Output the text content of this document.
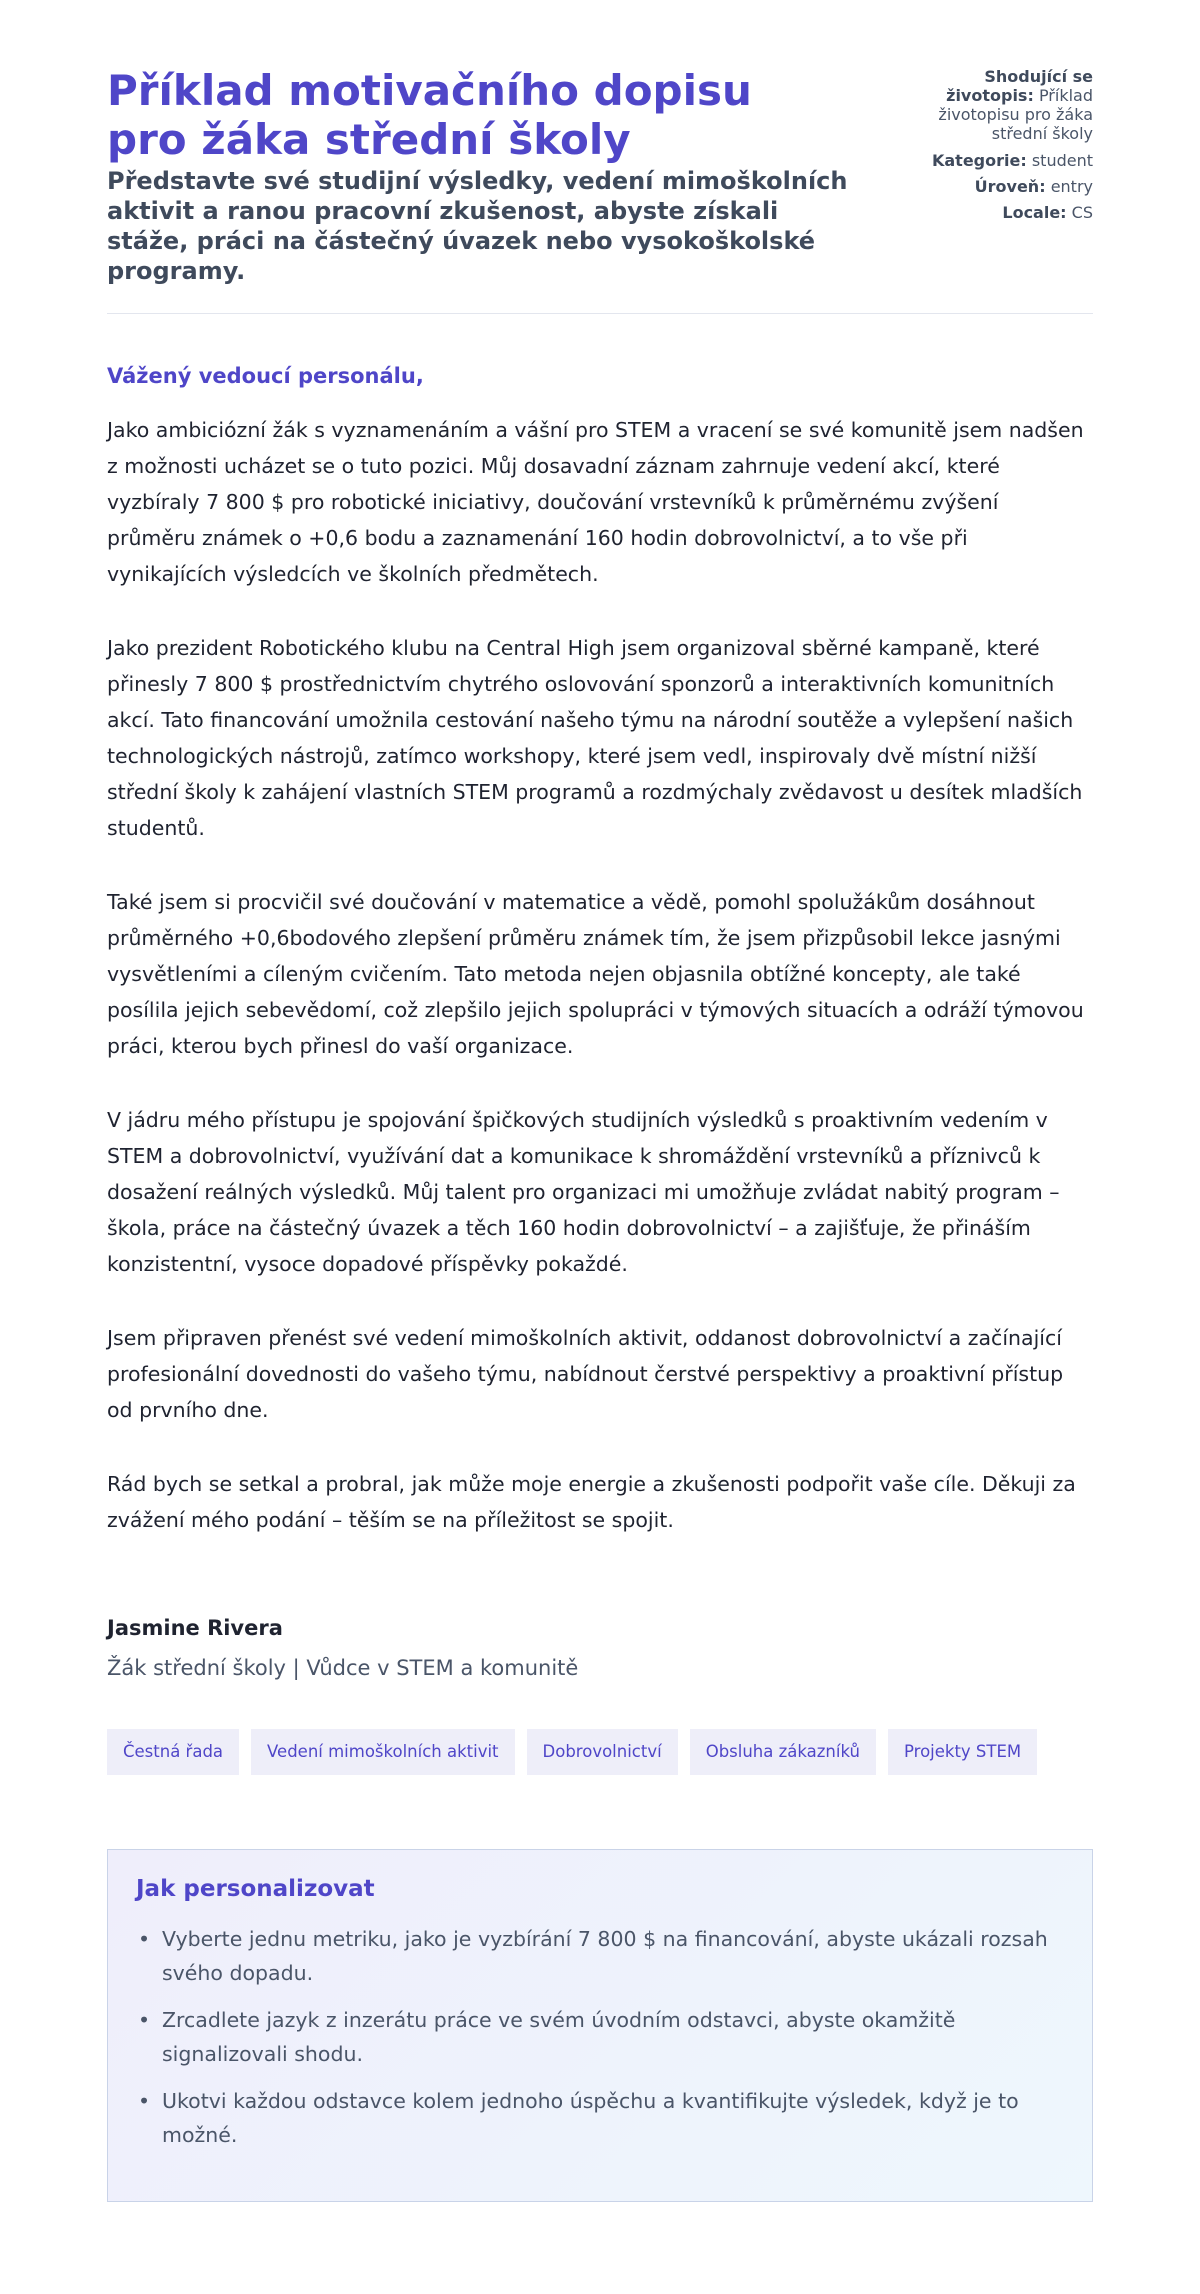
Příklad motivačního dopisu pro žáka střední školy
Představte své studijní výsledky, vedení mimoškolních aktivit a ranou pracovní zkušenost, abyste získali stáže, práci na částečný úvazek nebo vysokoškolské programy.
Shodující se životopis: Příklad životopisu pro žáka střední školy
Kategorie: student
Úroveň: entry
Locale: CS

Vážený vedoucí personálu,

Jako ambiciózní žák s vyznamenáním a vášní pro STEM a vracení se své komunitě jsem nadšen z možnosti ucházet se o tuto pozici. Můj dosavadní záznam zahrnuje vedení akcí, které vyzbíraly 7 800 $ pro robotické iniciativy, doučování vrstevníků k průměrnému zvýšení průměru známek o +0,6 bodu a zaznamenání 160 hodin dobrovolnictví, a to vše při vynikajících výsledcích ve školních předmětech.

Jako prezident Robotického klubu na Central High jsem organizoval sběrné kampaně, které přinesly 7 800 $ prostřednictvím chytrého oslovování sponzorů a interaktivních komunitních akcí. Tato financování umožnila cestování našeho týmu na národní soutěže a vylepšení našich technologických nástrojů, zatímco workshopy, které jsem vedl, inspirovaly dvě místní nižší střední školy k zahájení vlastních STEM programů a rozdmýchaly zvědavost u desítek mladších studentů.

Také jsem si procvičil své doučování v matematice a vědě, pomohl spolužákům dosáhnout průměrného +0,6bodového zlepšení průměru známek tím, že jsem přizpůsobil lekce jasnými vysvětleními a cíleným cvičením. Tato metoda nejen objasnila obtížné koncepty, ale také posílila jejich sebevědomí, což zlepšilo jejich spolupráci v týmových situacích a odráží týmovou práci, kterou bych přinesl do vaší organizace.

V jádru mého přístupu je spojování špičkových studijních výsledků s proaktivním vedením v STEM a dobrovolnictví, využívání dat a komunikace k shromáždění vrstevníků a příznivců k dosažení reálných výsledků. Můj talent pro organizaci mi umožňuje zvládat nabitý program – škola, práce na částečný úvazek a těch 160 hodin dobrovolnictví – a zajišťuje, že přináším konzistentní, vysoce dopadové příspěvky pokaždé.

Jsem připraven přenést své vedení mimoškolních aktivit, oddanost dobrovolnictví a začínající profesionální dovednosti do vašeho týmu, nabídnout čerstvé perspektivy a proaktivní přístup od prvního dne.

Rád bych se setkal a probral, jak může moje energie a zkušenosti podpořit vaše cíle. Děkuji za zvážení mého podání – těším se na příležitost se spojit.

Jasmine Rivera

Žák střední školy | Vůdce v STEM a komunitě

Čestná řada	Vedení mimoškolních aktivit	Dobrovolnictví	Obsluha zákazníků	Projekty STEM
Jak personalizovat
• Vyberte jednu metriku, jako je vyzbírání 7 800 $ na financování, abyste ukázali rozsah svého dopadu.
• Zrcadlete jazyk z inzerátu práce ve svém úvodním odstavci, abyste okamžitě signalizovali shodu.
• Ukotvi každou odstavce kolem jednoho úspěchu a kvantifikujte výsledek, když je to možné.
